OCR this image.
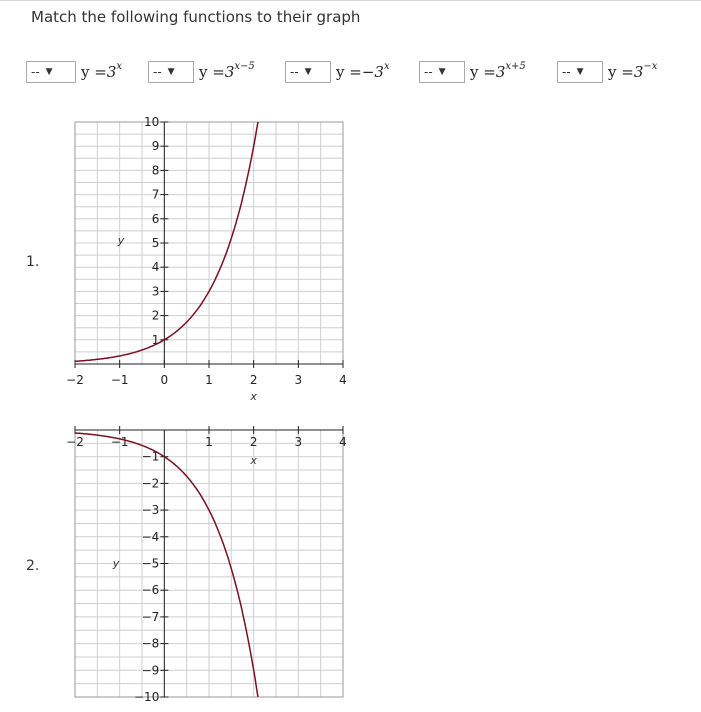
Match the following functions to their graph
-- ▼ $y =3^x$	-- ▼ $y =3^{x-5}$	-- ▼ $y =-3^x$	-- ▼ $y =3^{x+5}$	-- ▼ $y =3^{-x}$
1.
2.
1
2
3
4
5
6
7
8
9
10
−2 −1	0	1	2	3	4
x
y
−1
−2
−3
−4
−5
−6
−7
−8
−9
−10
−2 −1	1	2	3	4
x
y
